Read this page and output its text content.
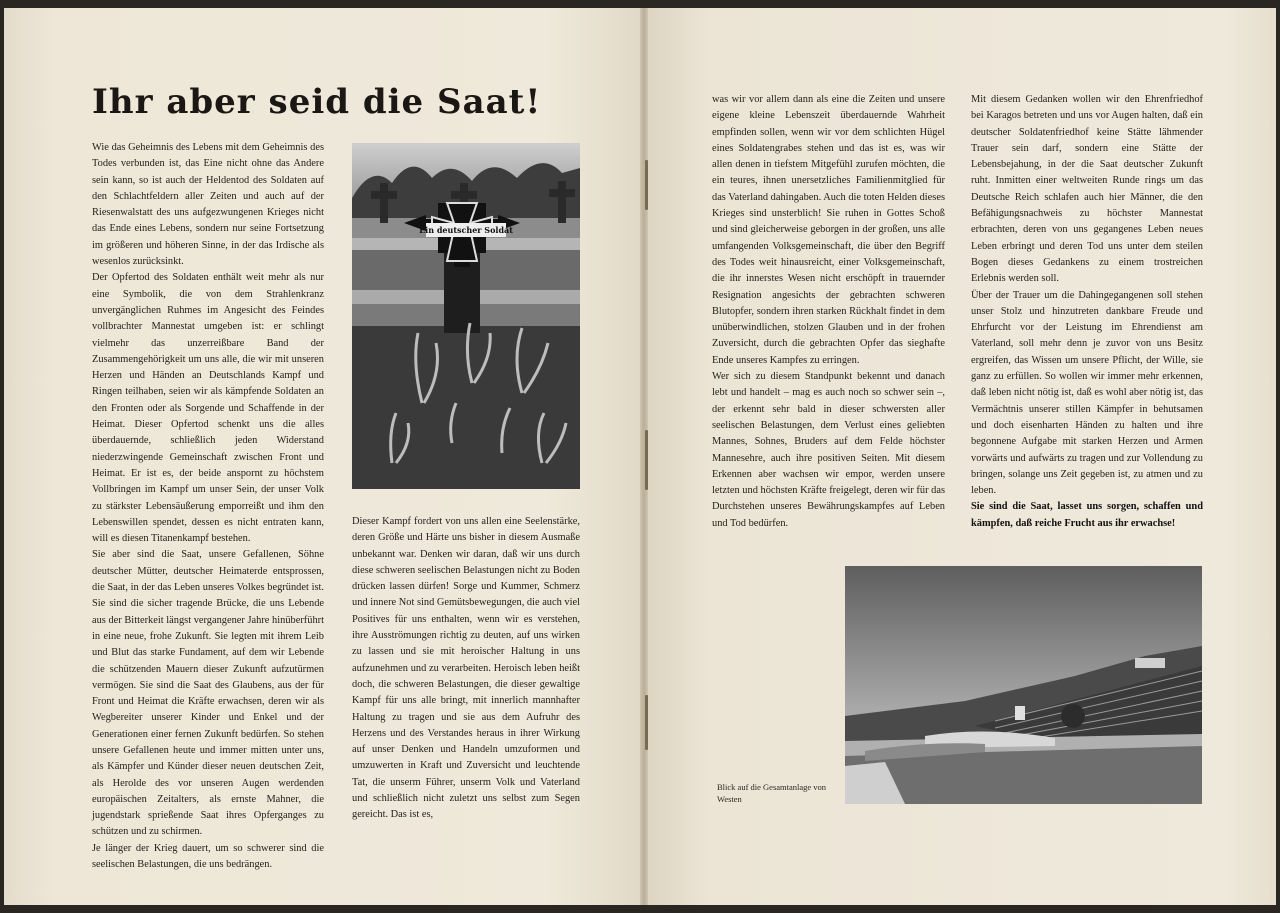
Ihr aber seid die Saat!

Wie das Geheimnis des Lebens mit dem Geheimnis des Todes verbunden ist, das Eine nicht ohne das Andere sein kann, so ist auch der Heldentod des Soldaten auf den Schlachtfeldern aller Zeiten und auch auf der Riesenwalstatt des uns aufgezwungenen Krieges nicht das Ende eines Lebens, sondern nur seine Fortsetzung im größeren und höheren Sinne, in der das Irdische als wesenlos zurücksinkt.

Der Opfertod des Soldaten enthält weit mehr als nur eine Symbolik, die von dem Strahlenkranz unvergänglichen Ruhmes im Angesicht des Feindes vollbrachter Mannestat umgeben ist: er schlingt vielmehr das unzerreißbare Band der Zusammengehörigkeit um uns alle, die wir mit unseren Herzen und Händen an Deutschlands Kampf und Ringen teilhaben, seien wir als kämpfende Soldaten an den Fronten oder als Sorgende und Schaffende in der Heimat. Dieser Opfertod schenkt uns die alles überdauernde, schließlich jeden Widerstand niederzwingende Gemeinschaft zwischen Front und Heimat. Er ist es, der beide anspornt zu höchstem Vollbringen im Kampf um unser Sein, der unser Volk zu stärkster Lebensäußerung emporreißt und ihm den Lebenswillen spendet, dessen es nicht entraten kann, will es diesen Titanenkampf bestehen.

Sie aber sind die Saat, unsere Gefallenen, Söhne deutscher Mütter, deutscher Heimaterde entsprossen, die Saat, in der das Leben unseres Volkes begründet ist. Sie sind die sicher tragende Brücke, die uns Lebende aus der Bitterkeit längst vergangener Jahre hinüberführt in eine neue, frohe Zukunft. Sie legten mit ihrem Leib und Blut das starke Fundament, auf dem wir Lebende die schützenden Mauern dieser Zukunft aufzutürmen vermögen. Sie sind die Saat des Glaubens, aus der für Front und Heimat die Kräfte erwachsen, deren wir als Wegbereiter unserer Kinder und Enkel und der Generationen einer fernen Zukunft bedürfen. So stehen unsere Gefallenen heute und immer mitten unter uns, als Kämpfer und Künder dieser neuen deutschen Zeit, als Herolde des vor unseren Augen werdenden europäischen Zeitalters, als ernste Mahner, die jugendstark sprießende Saat ihres Opferganges zu schützen und zu schirmen.

Je länger der Krieg dauert, um so schwerer sind die seelischen Belastungen, die uns bedrängen.

Ein deutscher Soldat

Dieser Kampf fordert von uns allen eine Seelenstärke, deren Größe und Härte uns bisher in diesem Ausmaße unbekannt war. Denken wir daran, daß wir uns durch diese schweren seelischen Belastungen nicht zu Boden drücken lassen dürfen! Sorge und Kummer, Schmerz und innere Not sind Gemütsbewegungen, die auch viel Positives für uns enthalten, wenn wir es verstehen, ihre Ausströmungen richtig zu deuten, auf uns wirken zu lassen und sie mit heroischer Haltung in uns aufzunehmen und zu verarbeiten. Heroisch leben heißt doch, die schweren Belastungen, die dieser gewaltige Kampf für uns alle bringt, mit innerlich mannhafter Haltung zu tragen und sie aus dem Aufruhr des Herzens und des Verstandes heraus in ihrer Wirkung auf unser Denken und Handeln umzuformen und umzuwerten in Kraft und Zuversicht und leuchtende Tat, die unserm Führer, unserm Volk und Vaterland und schließlich nicht zuletzt uns selbst zum Segen gereicht. Das ist es,

was wir vor allem dann als eine die Zeiten und unsere eigene kleine Lebenszeit überdauernde Wahrheit empfinden sollen, wenn wir vor dem schlichten Hügel eines Soldatengrabes stehen und das ist es, was wir allen denen in tiefstem Mitgefühl zurufen möchten, die ein teures, ihnen unersetzliches Familienmitglied für das Vaterland dahingaben. Auch die toten Helden dieses Krieges sind unsterblich! Sie ruhen in Gottes Schoß und sind gleicherweise geborgen in der großen, uns alle umfangenden Volksgemeinschaft, die über den Begriff des Todes weit hinausreicht, einer Volksgemeinschaft, die ihr innerstes Wesen nicht erschöpft in trauernder Resignation angesichts der gebrachten schweren Blutopfer, sondern ihren starken Rückhalt findet in dem unüberwindlichen, stolzen Glauben und in der frohen Zuversicht, durch die gebrachten Opfer das sieghafte Ende unseres Kampfes zu erringen.

Wer sich zu diesem Standpunkt bekennt und danach lebt und handelt – mag es auch noch so schwer sein –, der erkennt sehr bald in dieser schwersten aller seelischen Belastungen, dem Verlust eines geliebten Mannes, Sohnes, Bruders auf dem Felde höchster Mannesehre, auch ihre positiven Seiten. Mit diesem Erkennen aber wachsen wir empor, werden unsere letzten und höchsten Kräfte freigelegt, deren wir für das Durchstehen unseres Bewährungskampfes auf Leben und Tod bedürfen.

Mit diesem Gedanken wollen wir den Ehrenfriedhof bei Karagos betreten und uns vor Augen halten, daß ein deutscher Soldatenfriedhof keine Stätte lähmender Trauer sein darf, sondern eine Stätte der Lebensbejahung, in der die Saat deutscher Zukunft ruht. Inmitten einer weltweiten Runde rings um das Deutsche Reich schlafen auch hier Männer, die den Befähigungsnachweis zu höchster Mannestat erbrachten, deren von uns gegangenes Leben neues Leben erbringt und deren Tod uns unter dem steilen Bogen dieses Gedankens zu einem trostreichen Erlebnis werden soll.

Über der Trauer um die Dahingegangenen soll stehen unser Stolz und hinzutreten dankbare Freude und Ehrfurcht vor der Leistung im Ehrendienst am Vaterland, soll mehr denn je zuvor von uns Besitz ergreifen, das Wissen um unsere Pflicht, der Wille, sie ganz zu erfüllen. So wollen wir immer mehr erkennen, daß leben nicht nötig ist, daß es wohl aber nötig ist, das Vermächtnis unserer stillen Kämpfer in behutsamen und doch eisenharten Händen zu halten und ihre begonnene Aufgabe mit starken Herzen und Armen vorwärts und aufwärts zu tragen und zur Vollendung zu bringen, solange uns Zeit gegeben ist, zu atmen und zu leben.

Sie sind die Saat, lasset uns sorgen, schaffen und kämpfen, daß reiche Frucht aus ihr erwachse!

Blick auf die Gesamtanlage von Westen
